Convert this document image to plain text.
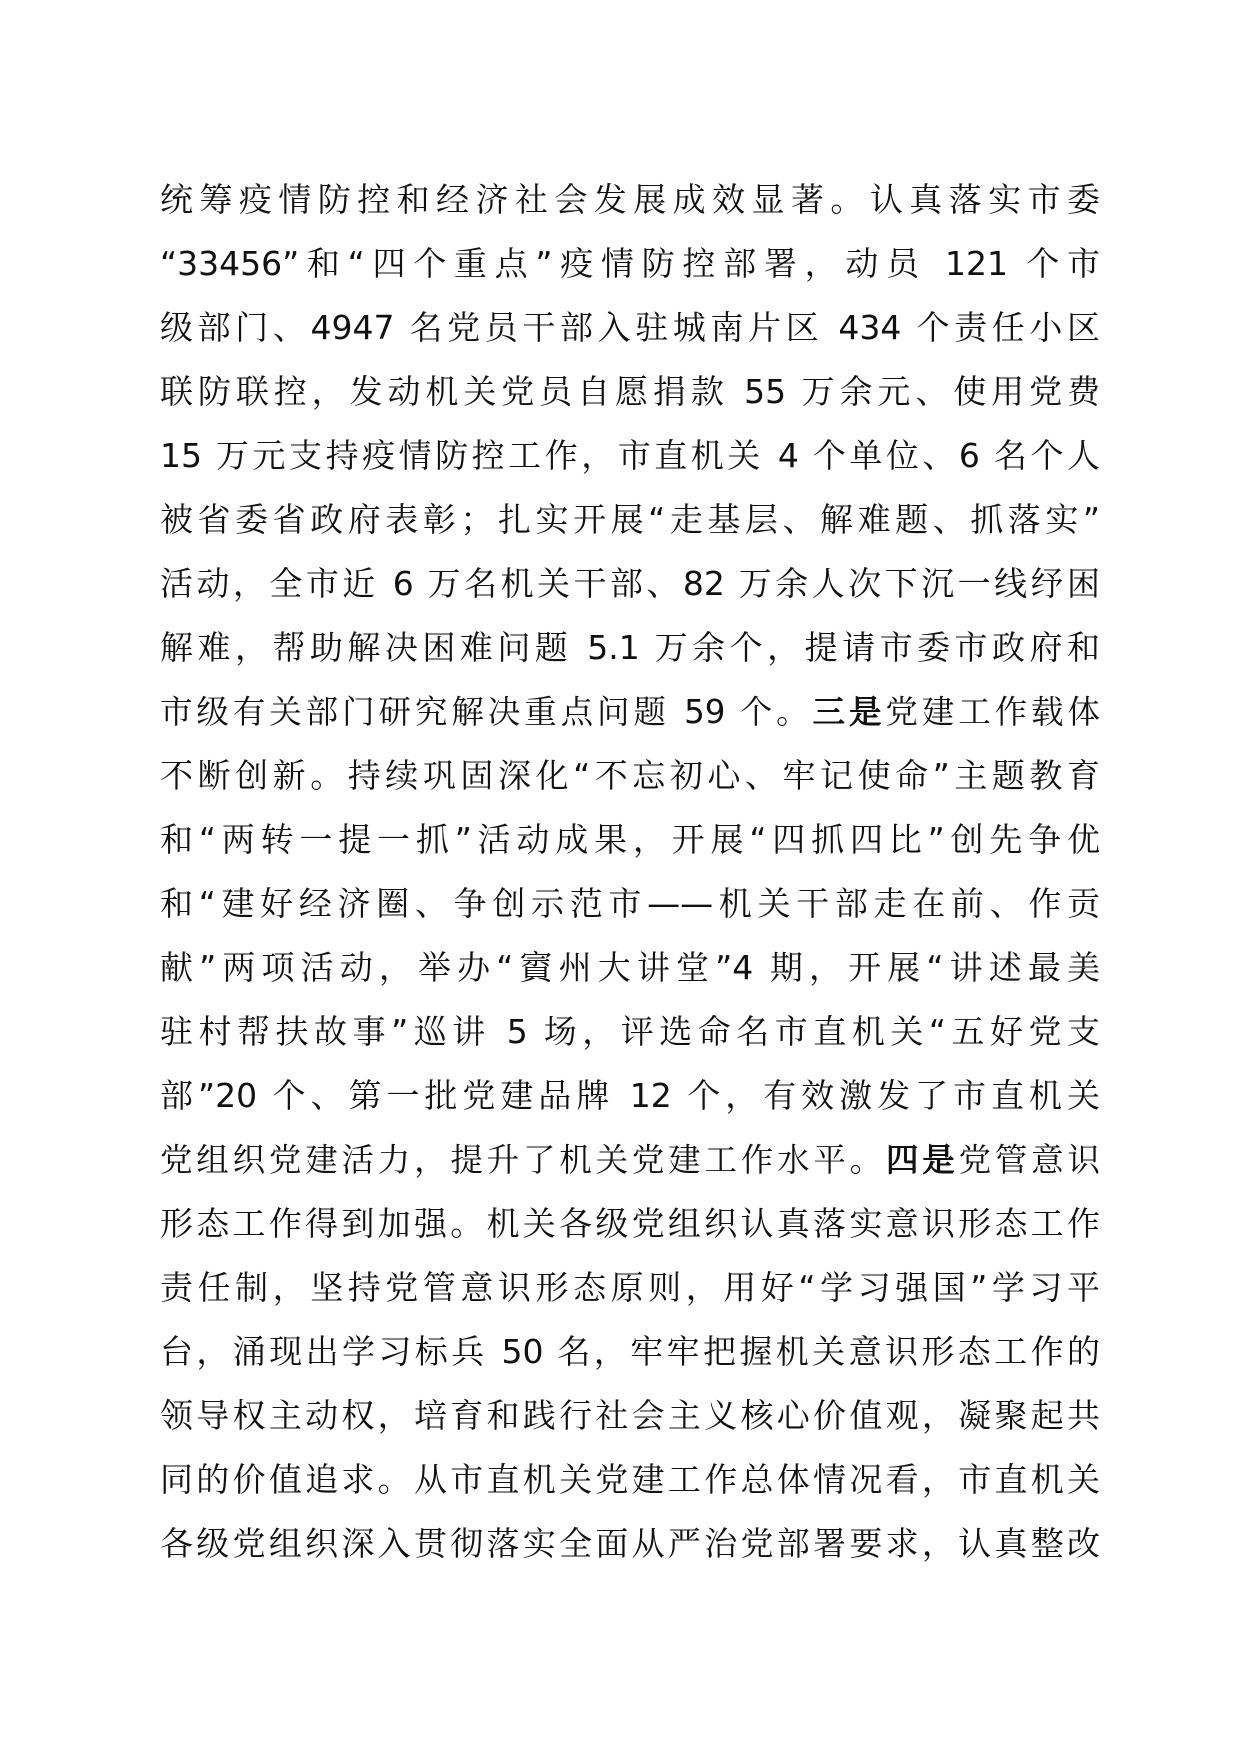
统筹疫情防控和经济社会发展成效显著。认真落实市委
“33456”和“四个重点”疫情防控部署，动员 121 个市
级部门、4947 名党员干部入驻城南片区 434 个责任小区
联防联控，发动机关党员自愿捐款 55 万余元、使用党费
15 万元支持疫情防控工作，市直机关 4 个单位、6 名个人
被省委省政府表彰；扎实开展“走基层、解难题、抓落实”
活动，全市近 6 万名机关干部、82 万余人次下沉一线纾困
解难，帮助解决困难问题 5.1 万余个，提请市委市政府和
市级有关部门研究解决重点问题 59 个。三是党建工作载体
不断创新。持续巩固深化“不忘初心、牢记使命”主题教育
和“两转一提一抓”活动成果，开展“四抓四比”创先争优
和“建好经济圈、争创示范市——机关干部走在前、作贡
献”两项活动，举办“賨州大讲堂”4 期，开展“讲述最美
驻村帮扶故事”巡讲 5 场，评选命名市直机关“五好党支
部”20 个、第一批党建品牌 12 个，有效激发了市直机关
党组织党建活力，提升了机关党建工作水平。四是党管意识
形态工作得到加强。机关各级党组织认真落实意识形态工作
责任制，坚持党管意识形态原则，用好“学习强国”学习平
台，涌现出学习标兵 50 名，牢牢把握机关意识形态工作的
领导权主动权，培育和践行社会主义核心价值观，凝聚起共
同的价值追求。从市直机关党建工作总体情况看，市直机关
各级党组织深入贯彻落实全面从严治党部署要求，认真整改
